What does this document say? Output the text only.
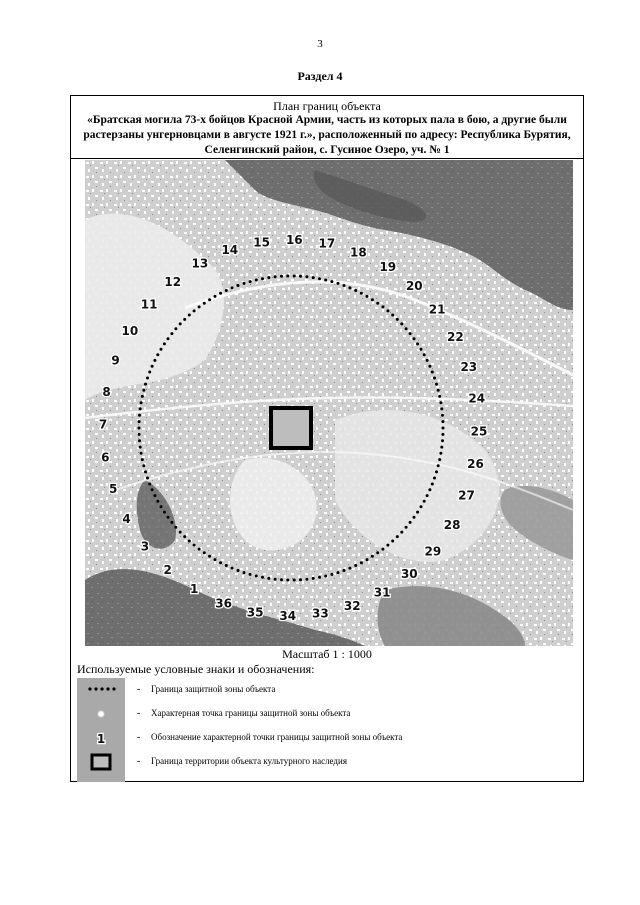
3
Раздел 4
План границ объекта
«Братская могила 73-х бойцов Красной Армии, часть из которых пала в бою, а другие были растерзаны унгерновцами в августе 1921 г.», расположенный по адресу: Республика Бурятия, Селенгинский район, с. Гусиное Озеро, уч. № 1
1
2
3
4
5
6
7
8
9
10
11
12
13
14
15 16 17
18
19
20
21
22
23
24
25
26
27
28
29
30
31
32
33
34
35
36
Масштаб 1 : 1000
Используемые условные знаки и обозначения:
- Граница защитной зоны объекта
- Характерная точка границы защитной зоны объекта
1	- Обозначение характерной точки границы защитной зоны объекта
- Граница территории объекта культурного наследия
